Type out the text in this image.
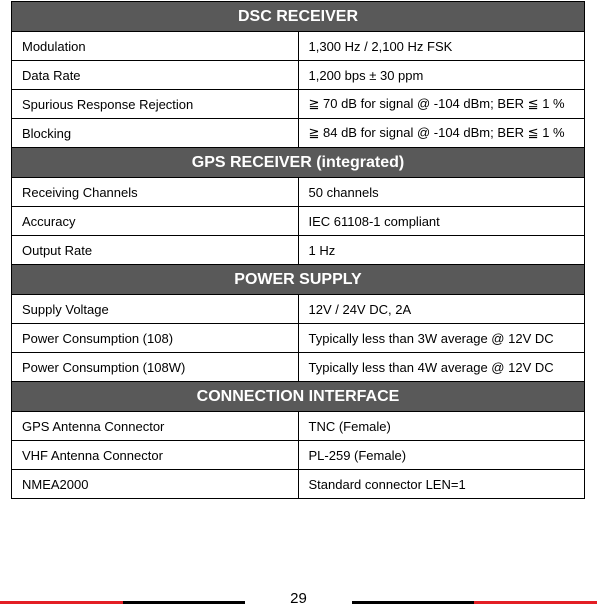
DSC RECEIVER	
Modulation	1,300 Hz / 2,100 Hz FSK
Data Rate	1,200 bps ± 30 ppm
Spurious Response Rejection	≧ 70 dB for signal @ -104 dBm; BER ≦ 1 %
Blocking	≧ 84 dB for signal @ -104 dBm; BER ≦ 1 %
GPS RECEIVER (integrated)	
Receiving Channels	50 channels
Accuracy	IEC 61108-1 compliant
Output Rate	1 Hz
POWER SUPPLY	
Supply Voltage	12V / 24V DC, 2A
Power Consumption (108)	Typically less than 3W average @ 12V DC
Power Consumption (108W)	Typically less than 4W average @ 12V DC
CONNECTION INTERFACE	
GPS Antenna Connector	TNC (Female)
VHF Antenna Connector	PL-259 (Female)
NMEA2000	Standard connector LEN=1
29
